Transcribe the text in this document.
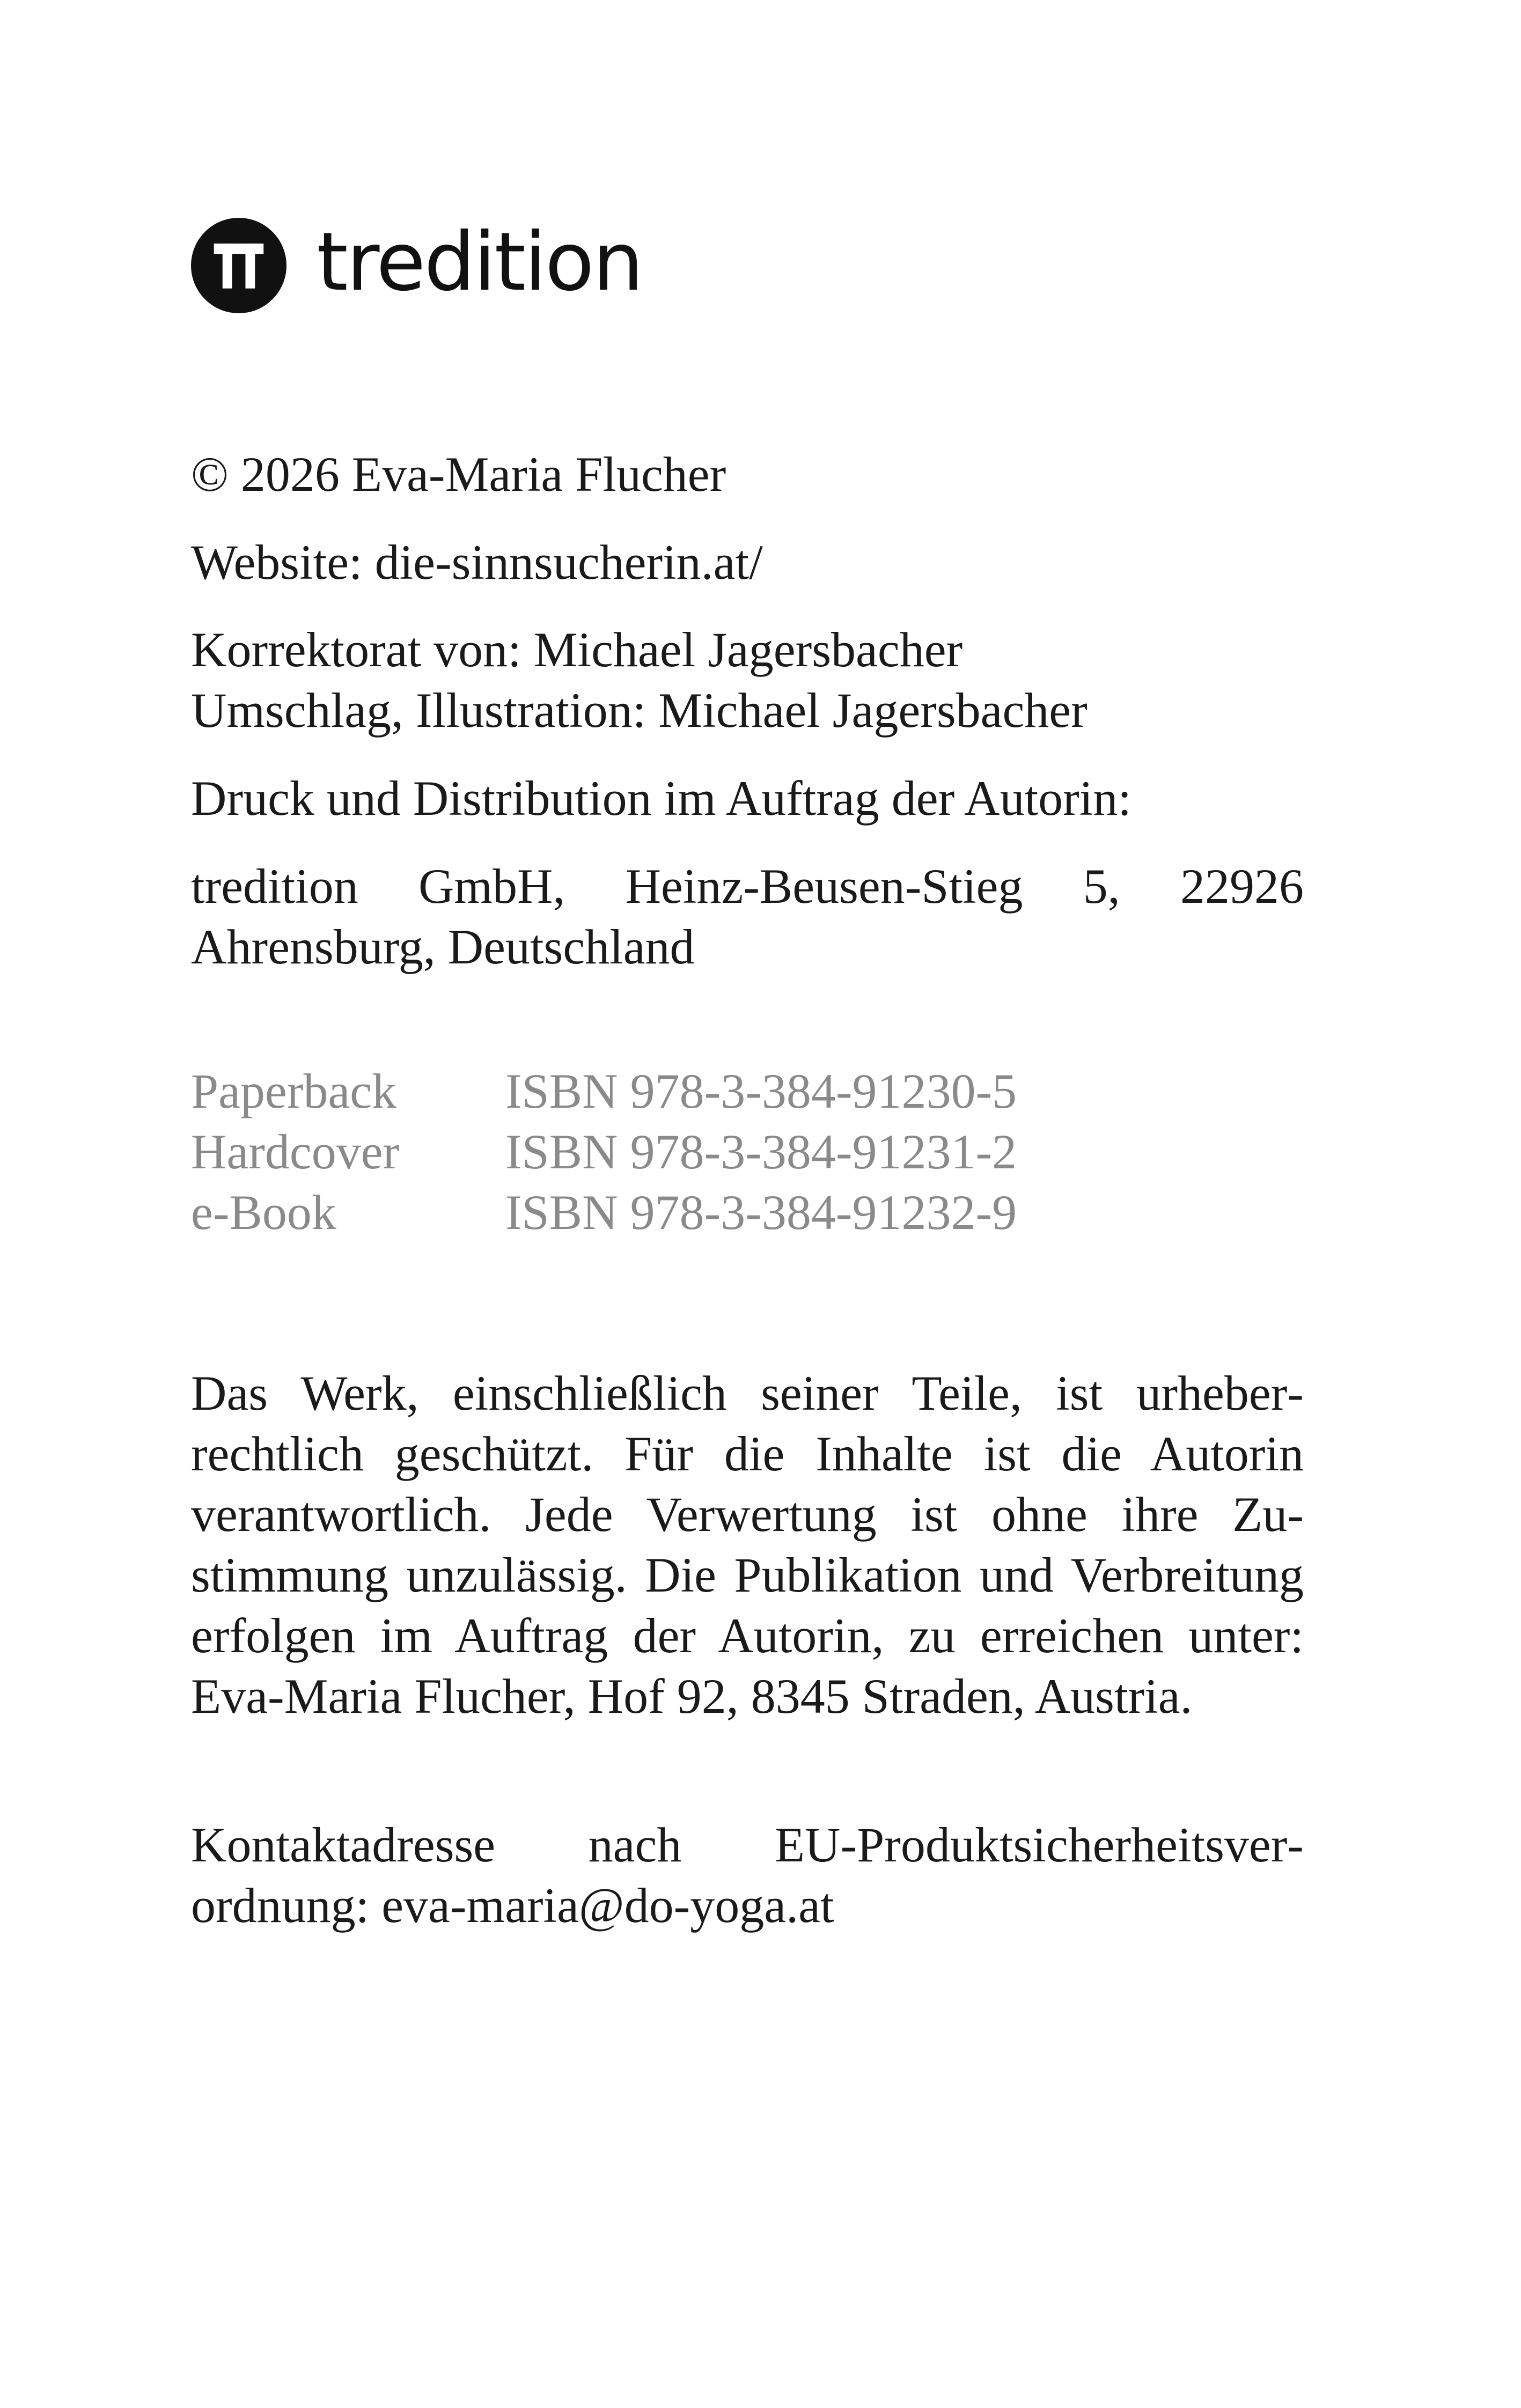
tredition

© 2026 Eva-Maria Flucher

Website: die-sinnsucherin.at/

Korrektorat von: Michael Jagersbacher

Umschlag, Illustration: Michael Jagersbacher

Druck und Distribution im Auftrag der Autorin:

tredition GmbH, Heinz-Beusen-Stieg 5, 22926 Ahrensburg, Deutschland

Paperback	ISBN 978-3-384-91230-5
Hardcover	ISBN 978-3-384-91231-2
e-Book	ISBN 978-3-384-91232-9

Das Werk, einschließlich seiner Teile, ist urheberrechtlich geschützt. Für die Inhalte ist die Autorin verantwortlich. Jede Verwertung ist ohne ihre Zustimmung unzulässig. Die Publikation und Verbreitung erfolgen im Auftrag der Autorin, zu erreichen unter: Eva-Maria Flucher, Hof 92, 8345 Straden, Austria.

Kontaktadresse nach EU-Produktsicherheitsverordnung: eva-maria@do-yoga.at
